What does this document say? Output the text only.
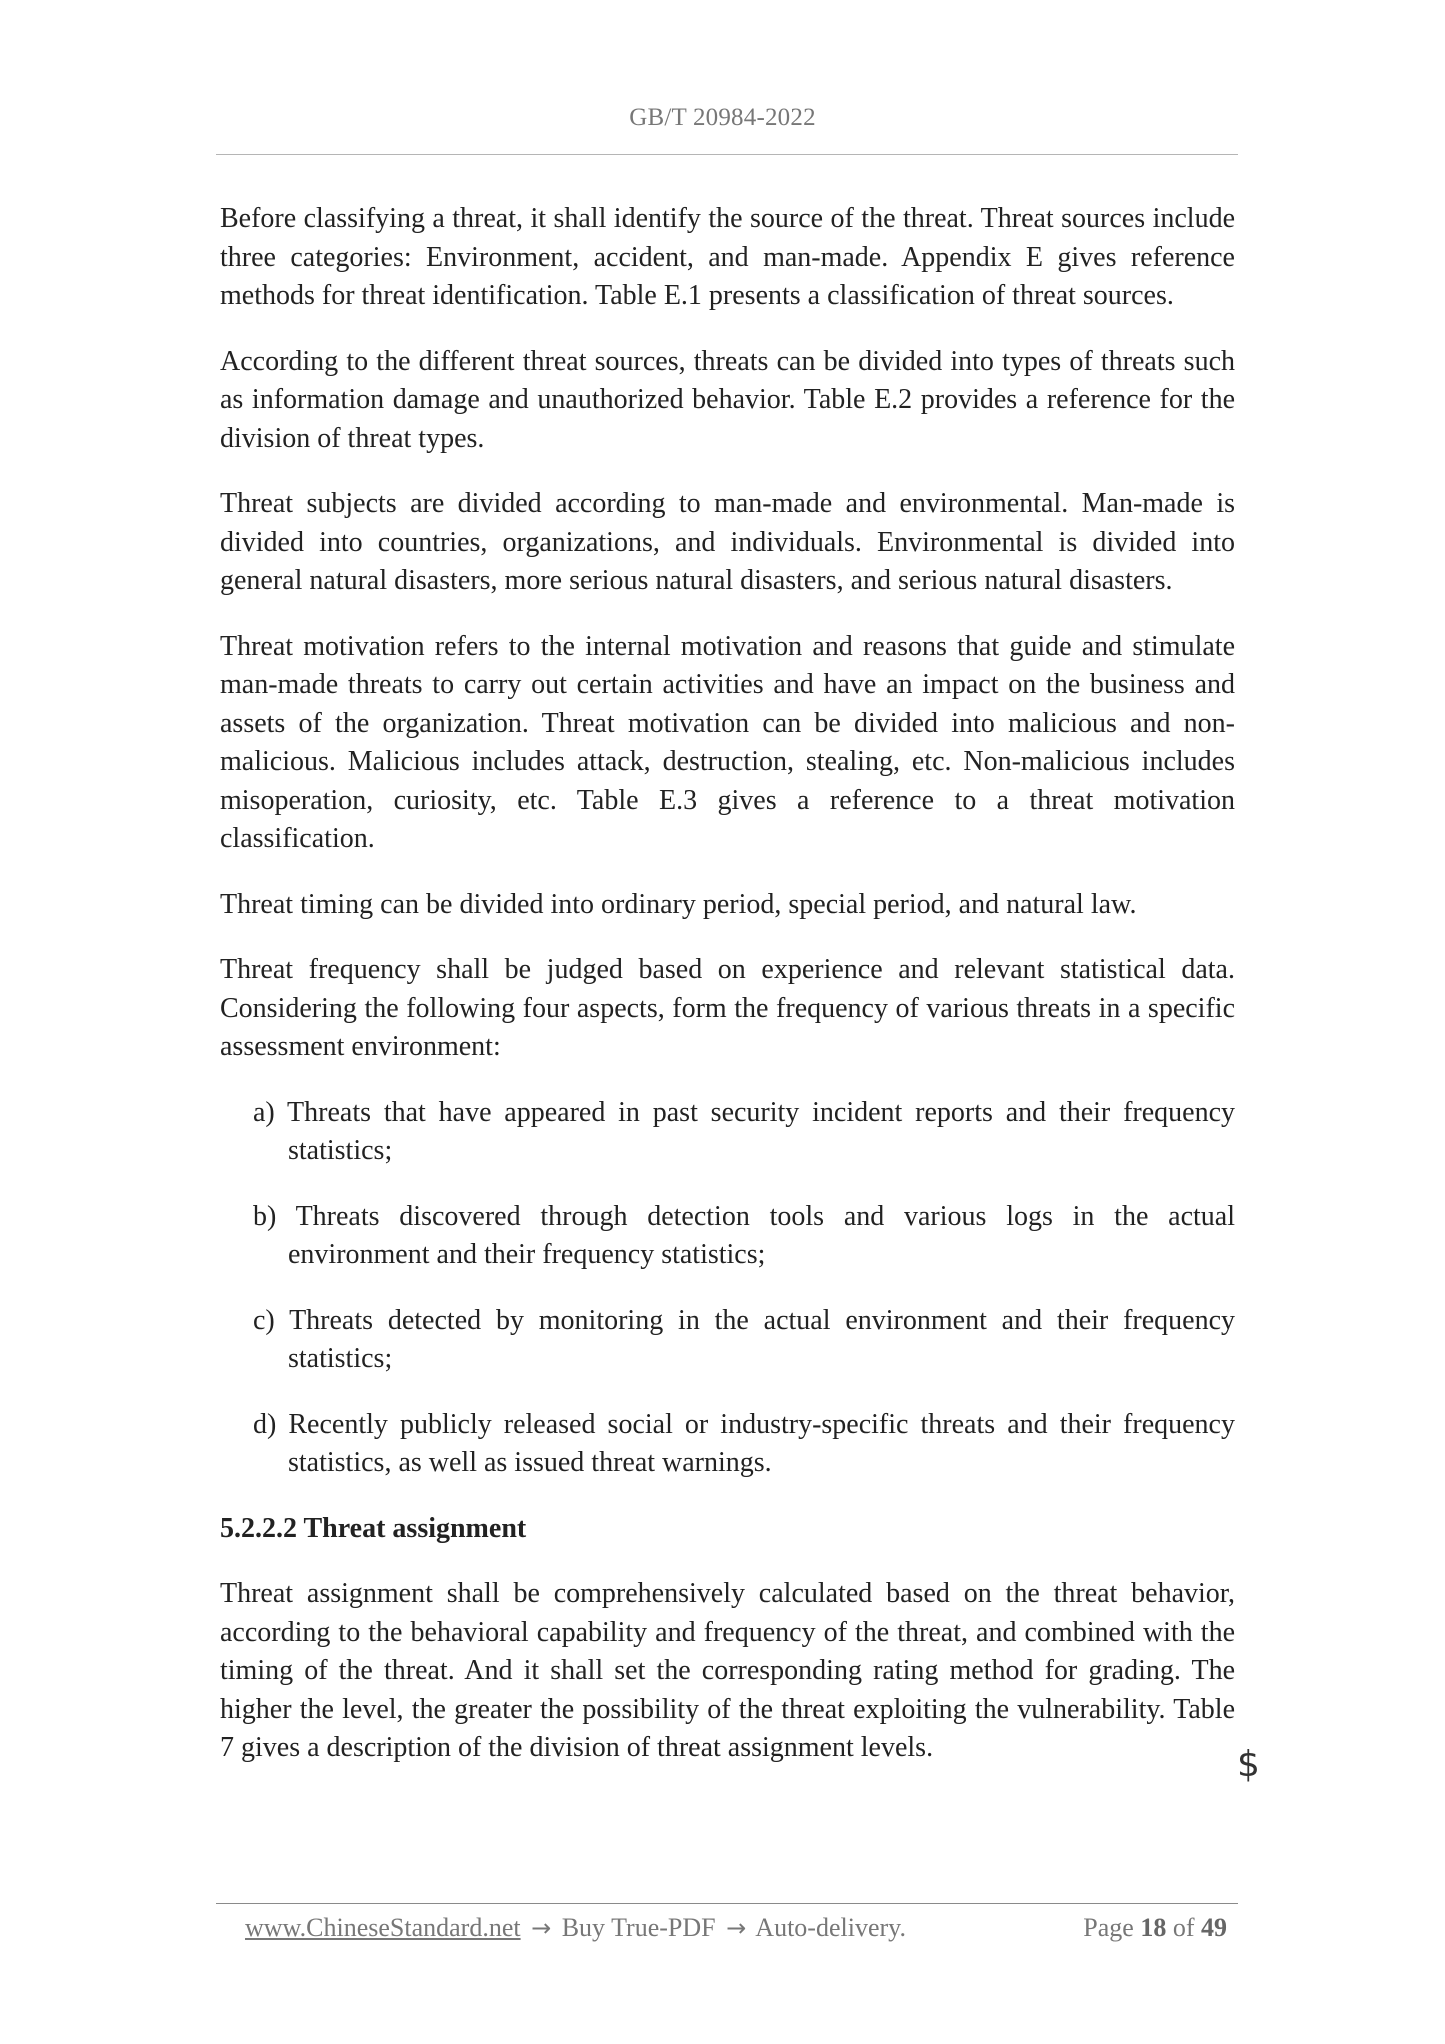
GB/T 20984-2022

Before classifying a threat, it shall identify the source of the threat. Threat sources include three categories: Environment, accident, and man-made. Appendix E gives reference methods for threat identification. Table E.1 presents a classification of threat sources.

According to the different threat sources, threats can be divided into types of threats such as information damage and unauthorized behavior. Table E.2 provides a reference for the division of threat types.

Threat subjects are divided according to man-made and environmental. Man-made is divided into countries, organizations, and individuals. Environmental is divided into general natural disasters, more serious natural disasters, and serious natural disasters.

Threat motivation refers to the internal motivation and reasons that guide and stimulate man-made threats to carry out certain activities and have an impact on the business and assets of the organization. Threat motivation can be divided into malicious and non-malicious. Malicious includes attack, destruction, stealing, etc. Non-malicious includes misoperation, curiosity, etc. Table E.3 gives a reference to a threat motivation classification.

Threat timing can be divided into ordinary period, special period, and natural law.

Threat frequency shall be judged based on experience and relevant statistical data. Considering the following four aspects, form the frequency of various threats in a specific assessment environment:

a) Threats that have appeared in past security incident reports and their frequency statistics;

b) Threats discovered through detection tools and various logs in the actual environment and their frequency statistics;

c) Threats detected by monitoring in the actual environment and their frequency statistics;

d) Recently publicly released social or industry-specific threats and their frequency statistics, as well as issued threat warnings.

5.2.2.2 Threat assignment

Threat assignment shall be comprehensively calculated based on the threat behavior, according to the behavioral capability and frequency of the threat, and combined with the timing of the threat. And it shall set the corresponding rating method for grading. The higher the level, the greater the possibility of the threat exploiting the vulnerability. Table 7 gives a description of the division of threat assignment levels.	$
www.ChineseStandard.net → Buy True-PDF → Auto-delivery.	Page 18 of 49
